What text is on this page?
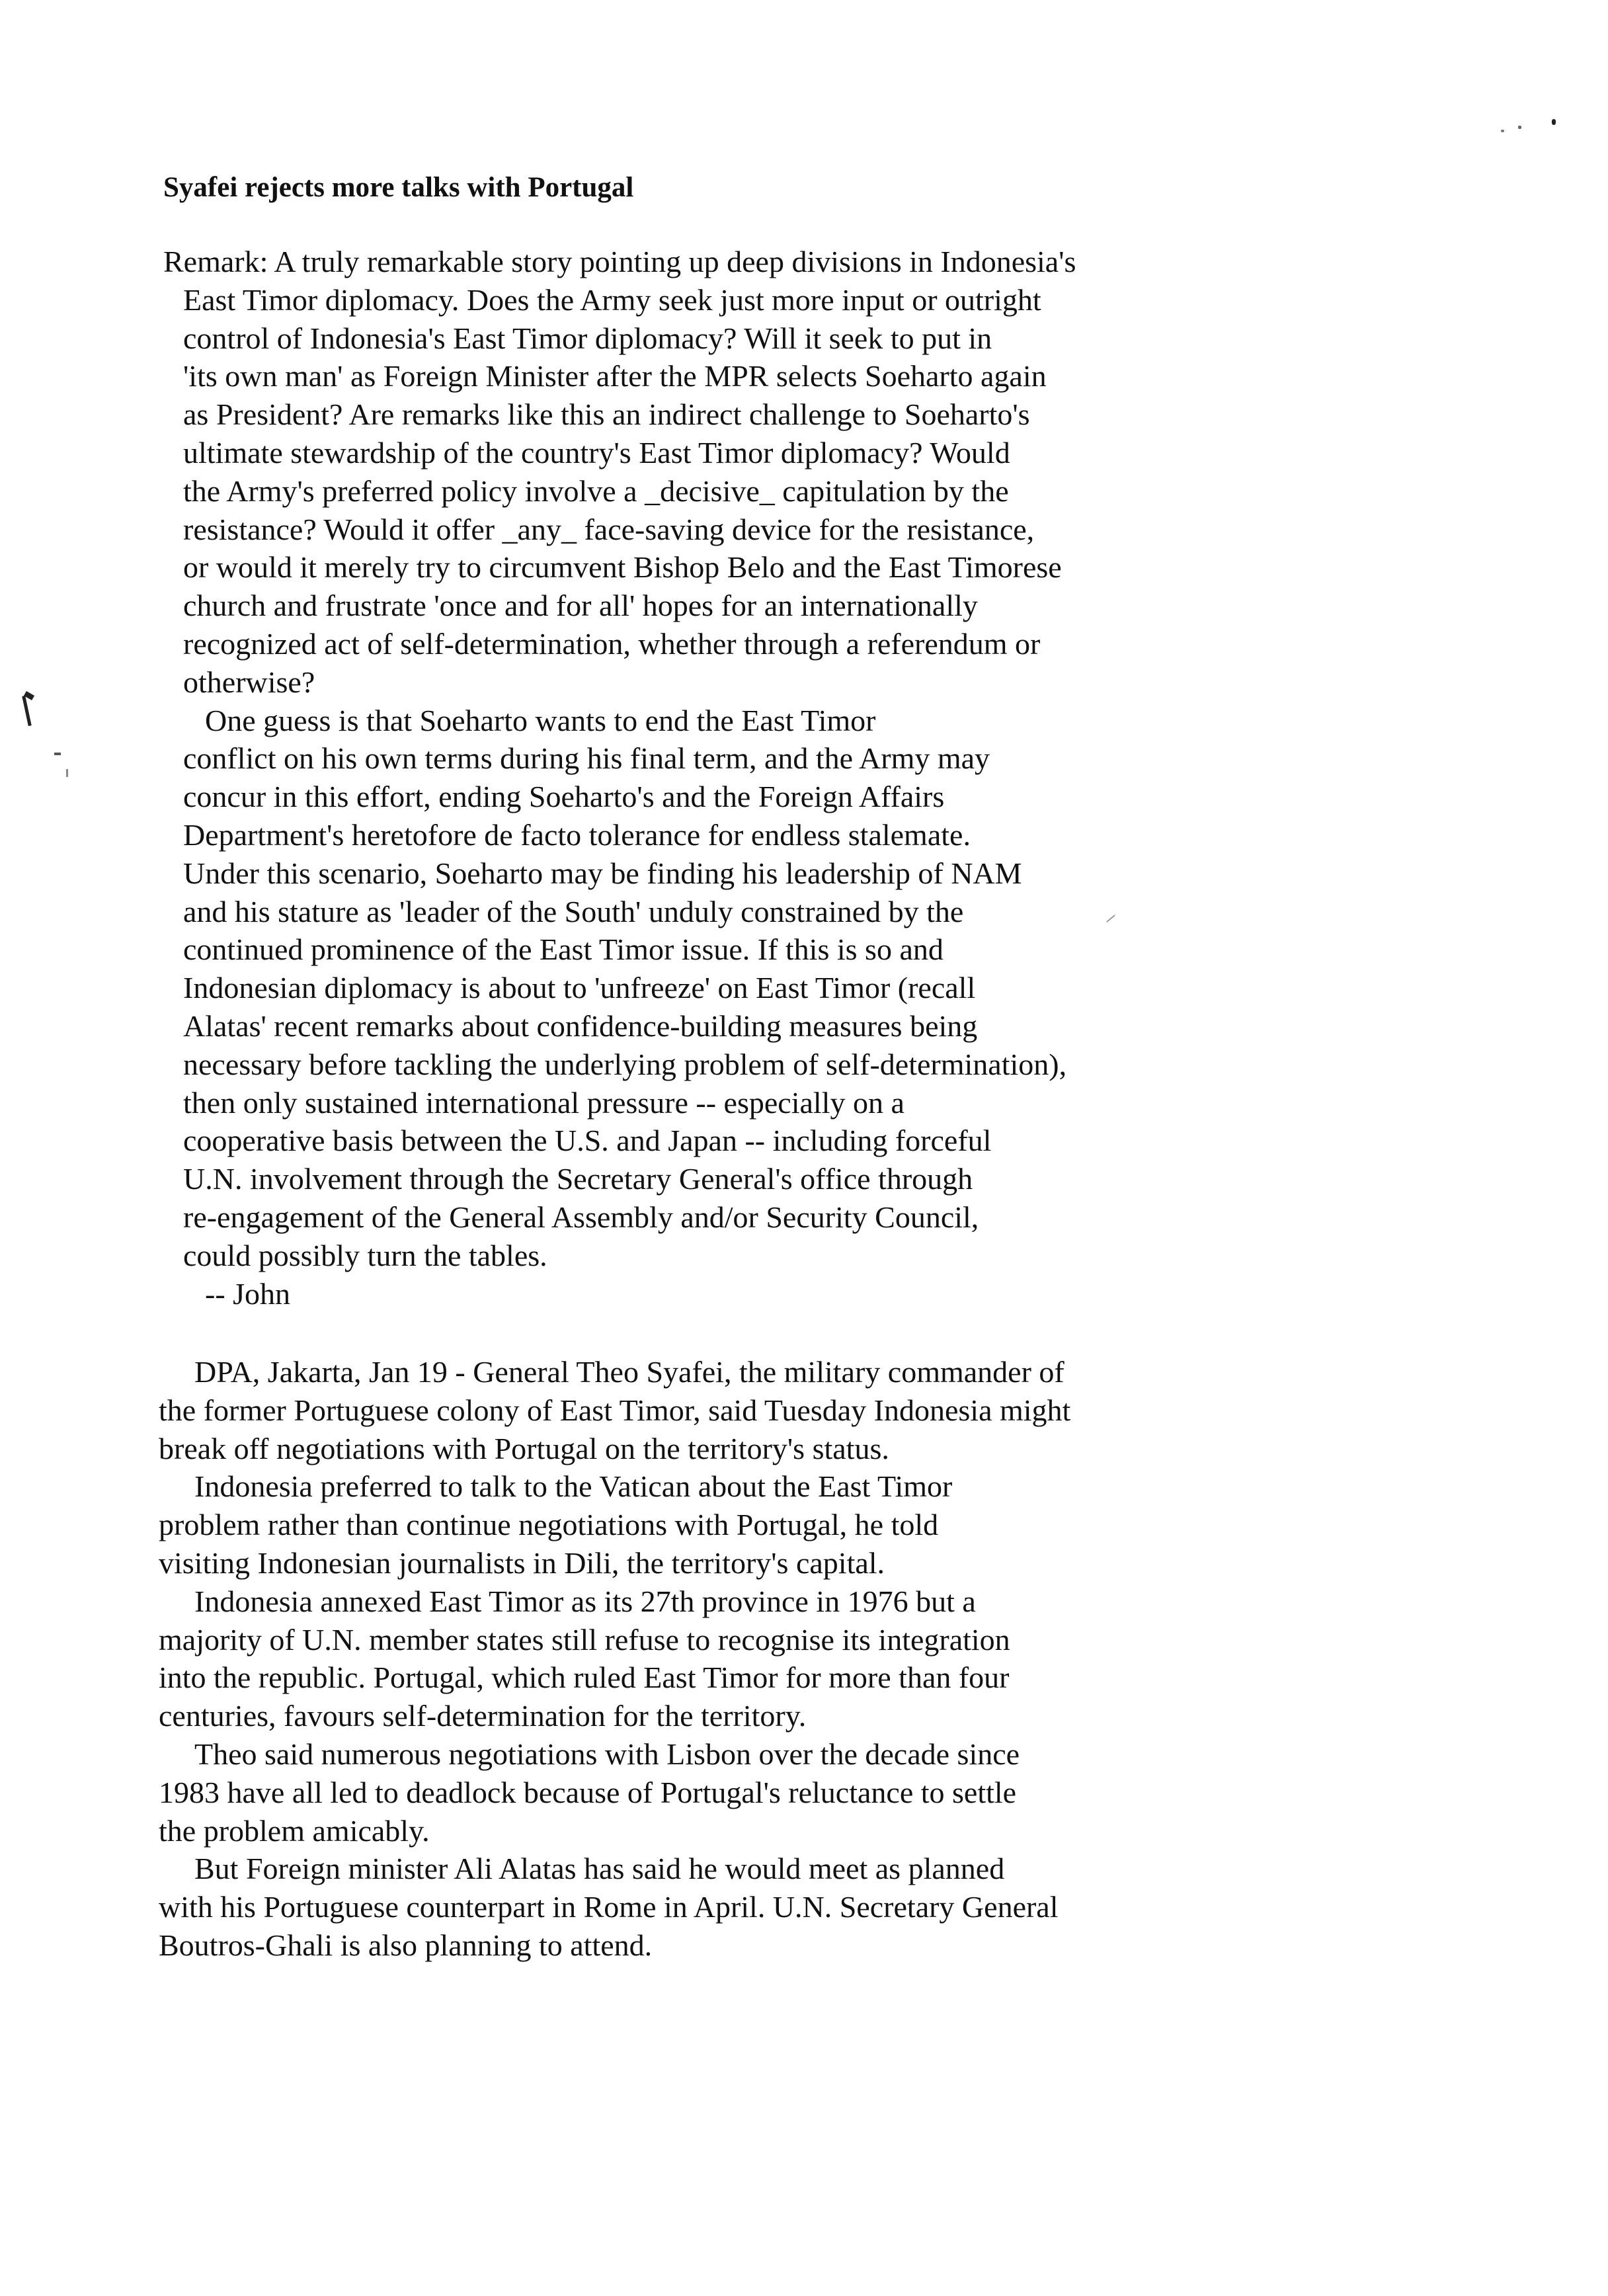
Syafei rejects more talks with Portugal
Remark: A truly remarkable story pointing up deep divisions in Indonesia's
East Timor diplomacy. Does the Army seek just more input or outright
control of Indonesia's East Timor diplomacy? Will it seek to put in
'its own man' as Foreign Minister after the MPR selects Soeharto again
as President? Are remarks like this an indirect challenge to Soeharto's
ultimate stewardship of the country's East Timor diplomacy? Would
the Army's preferred policy involve a _decisive_ capitulation by the
resistance? Would it offer _any_ face-saving device for the resistance,
or would it merely try to circumvent Bishop Belo and the East Timorese
church and frustrate 'once and for all' hopes for an internationally
recognized act of self-determination, whether through a referendum or
otherwise?
One guess is that Soeharto wants to end the East Timor
conflict on his own terms during his final term, and the Army may
concur in this effort, ending Soeharto's and the Foreign Affairs
Department's heretofore de facto tolerance for endless stalemate.
Under this scenario, Soeharto may be finding his leadership of NAM
and his stature as 'leader of the South' unduly constrained by the
continued prominence of the East Timor issue. If this is so and
Indonesian diplomacy is about to 'unfreeze' on East Timor (recall
Alatas' recent remarks about confidence-building measures being
necessary before tackling the underlying problem of self-determination),
then only sustained international pressure -- especially on a
cooperative basis between the U.S. and Japan -- including forceful
U.N. involvement through the Secretary General's office through
re-engagement of the General Assembly and/or Security Council,
could possibly turn the tables.
-- John
DPA, Jakarta, Jan 19 - General Theo Syafei, the military commander of
the former Portuguese colony of East Timor, said Tuesday Indonesia might
break off negotiations with Portugal on the territory's status.
Indonesia preferred to talk to the Vatican about the East Timor
problem rather than continue negotiations with Portugal, he told
visiting Indonesian journalists in Dili, the territory's capital.
Indonesia annexed East Timor as its 27th province in 1976 but a
majority of U.N. member states still refuse to recognise its integration
into the republic. Portugal, which ruled East Timor for more than four
centuries, favours self-determination for the territory.
Theo said numerous negotiations with Lisbon over the decade since
1983 have all led to deadlock because of Portugal's reluctance to settle
the problem amicably.
But Foreign minister Ali Alatas has said he would meet as planned
with his Portuguese counterpart in Rome in April. U.N. Secretary General
Boutros-Ghali is also planning to attend.
